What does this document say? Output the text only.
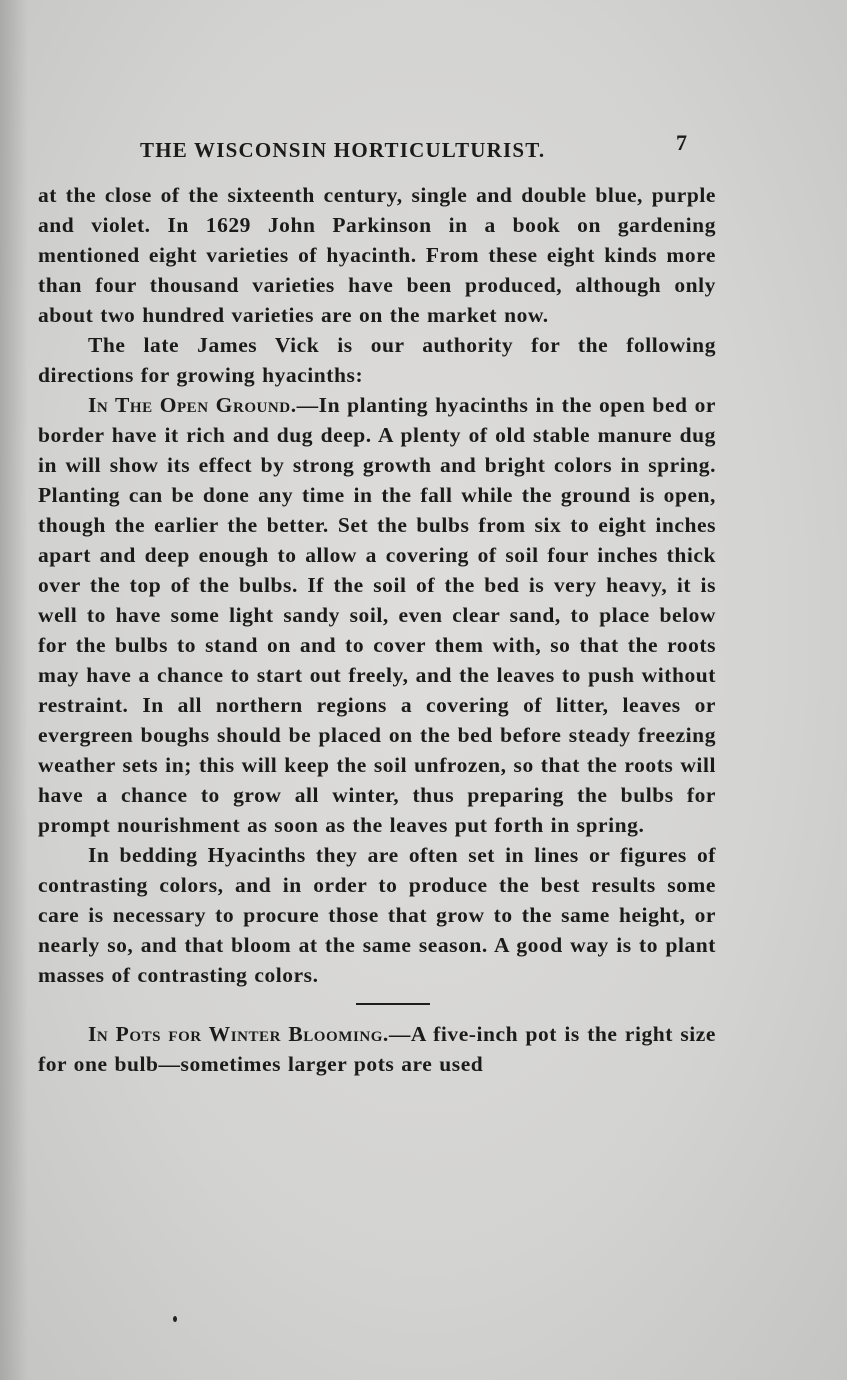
THE WISCONSIN HORTICULTURIST.	7

at the close of the sixteenth century, single and double blue, purple and violet. In 1629 John Parkinson in a book on gardening mentioned eight varieties of hyacinth. From these eight kinds more than four thousand varieties have been produced, although only about two hundred varieties are on the market now.

The late James Vick is our authority for the following directions for growing hyacinths:

In The Open Ground.—In planting hyacinths in the open bed or border have it rich and dug deep. A plenty of old stable manure dug in will show its effect by strong growth and bright colors in spring. Planting can be done any time in the fall while the ground is open, though the earlier the better. Set the bulbs from six to eight inches apart and deep enough to allow a covering of soil four inches thick over the top of the bulbs. If the soil of the bed is very heavy, it is well to have some light sandy soil, even clear sand, to place below for the bulbs to stand on and to cover them with, so that the roots may have a chance to start out freely, and the leaves to push without restraint. In all northern regions a covering of litter, leaves or evergreen boughs should be placed on the bed before steady freezing weather sets in; this will keep the soil unfrozen, so that the roots will have a chance to grow all winter, thus preparing the bulbs for prompt nourishment as soon as the leaves put forth in spring.

In bedding Hyacinths they are often set in lines or figures of contrasting colors, and in order to produce the best results some care is necessary to procure those that grow to the same height, or nearly so, and that bloom at the same season. A good way is to plant masses of contrasting colors.

In Pots for Winter Blooming.—A five-inch pot is the right size for one bulb—sometimes larger pots are used
